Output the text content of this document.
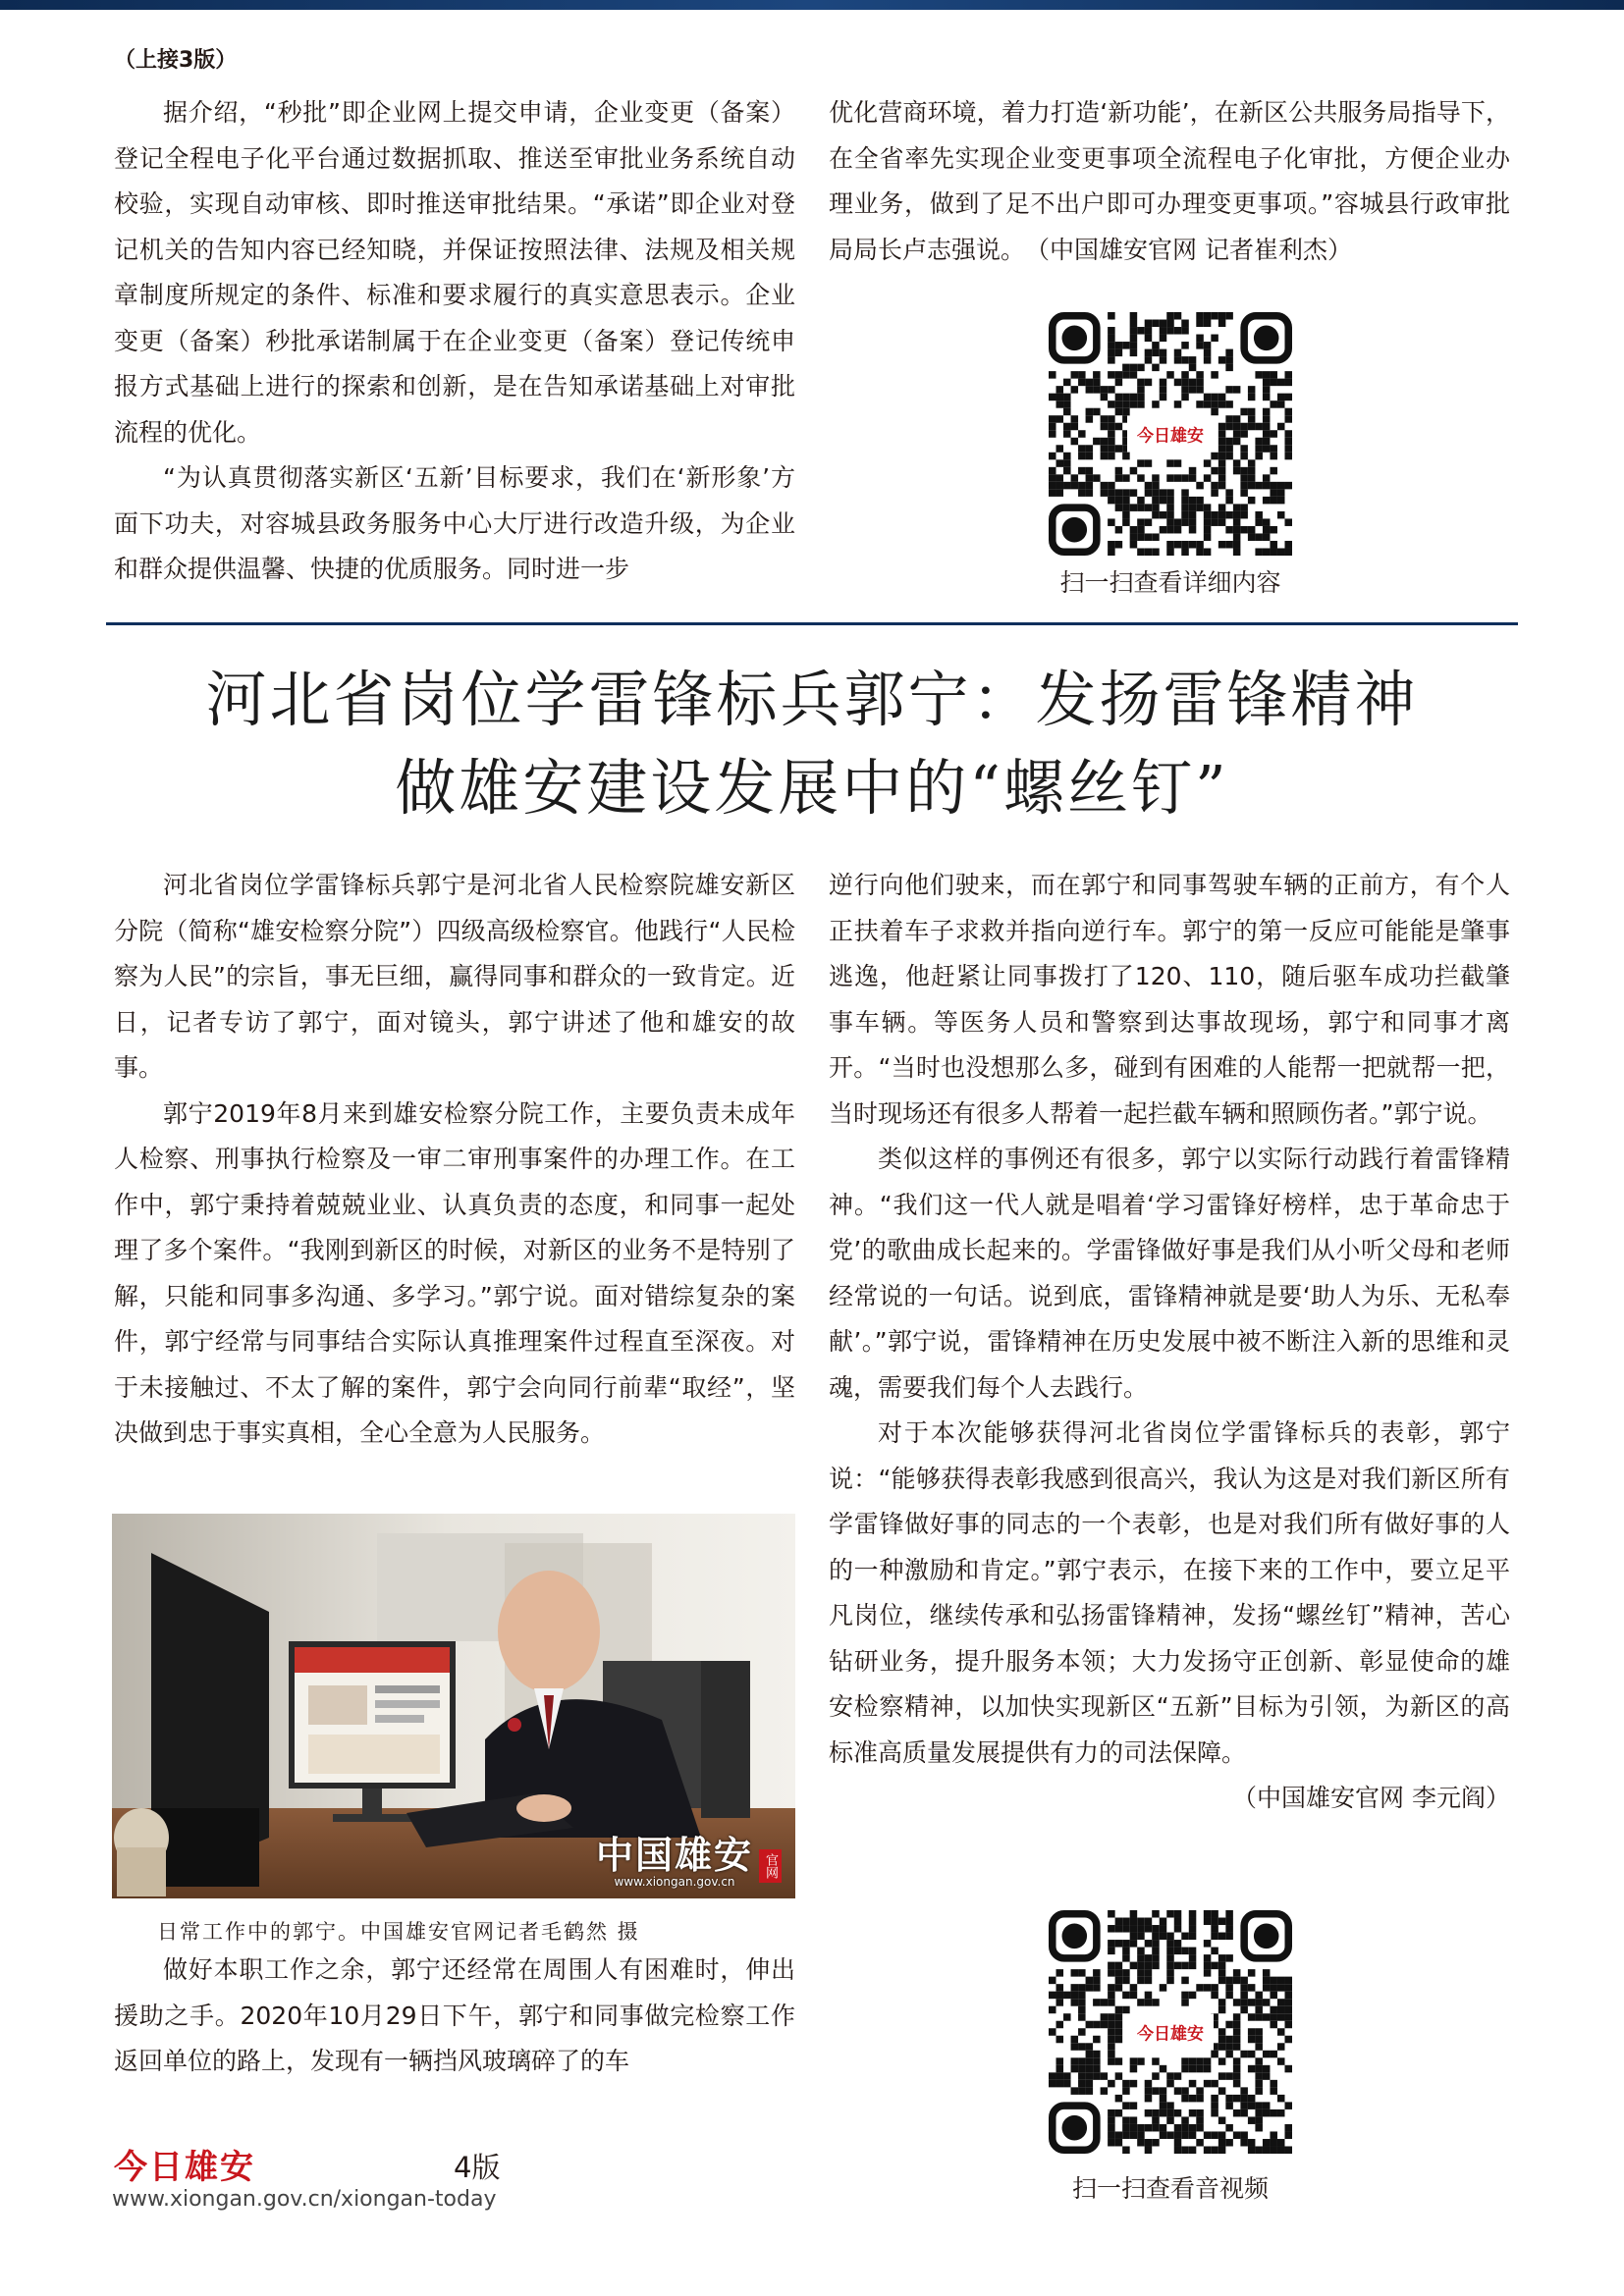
（上接3版）

据介绍，“秒批”即企业网上提交申请，企业变更（备案）登记全程电子化平台通过数据抓取、推送至审批业务系统自动校验，实现自动审核、即时推送审批结果。“承诺”即企业对登记机关的告知内容已经知晓，并保证按照法律、法规及相关规章制度所规定的条件、标准和要求履行的真实意思表示。企业变更（备案）秒批承诺制属于在企业变更（备案）登记传统申报方式基础上进行的探索和创新，是在告知承诺基础上对审批流程的优化。

“为认真贯彻落实新区‘五新’目标要求，我们在‘新形象’方面下功夫，对容城县政务服务中心大厅进行改造升级，为企业和群众提供温馨、快捷的优质服务。同时进一步

优化营商环境，着力打造‘新功能’，在新区公共服务局指导下，在全省率先实现企业变更事项全流程电子化审批，方便企业办理业务，做到了足不出户即可办理变更事项。”容城县行政审批局局长卢志强说。　（中国雄安官网 记者崔利杰）

今日雄安
扫一扫查看详细内容
河北省岗位学雷锋标兵郭宁：发扬雷锋精神
做雄安建设发展中的“螺丝钉”

河北省岗位学雷锋标兵郭宁是河北省人民检察院雄安新区分院（简称“雄安检察分院”）四级高级检察官。他践行“人民检察为人民”的宗旨，事无巨细，赢得同事和群众的一致肯定。近日，记者专访了郭宁，面对镜头，郭宁讲述了他和雄安的故事。

郭宁2019年8月来到雄安检察分院工作，主要负责未成年人检察、刑事执行检察及一审二审刑事案件的办理工作。在工作中，郭宁秉持着兢兢业业、认真负责的态度，和同事一起处理了多个案件。“我刚到新区的时候，对新区的业务不是特别了解，只能和同事多沟通、多学习。”郭宁说。面对错综复杂的案件，郭宁经常与同事结合实际认真推理案件过程直至深夜。对于未接触过、不太了解的案件，郭宁会向同行前辈“取经”，坚决做到忠于事实真相，全心全意为人民服务。

中国雄安
www.xiongan.gov.cn
官网
日常工作中的郭宁。中国雄安官网记者毛鹤然 摄

做好本职工作之余，郭宁还经常在周围人有困难时，伸出援助之手。2020年10月29日下午，郭宁和同事做完检察工作返回单位的路上，发现有一辆挡风玻璃碎了的车

逆行向他们驶来，而在郭宁和同事驾驶车辆的正前方，有个人正扶着车子求救并指向逆行车。郭宁的第一反应可能能是肇事逃逸，他赶紧让同事拨打了120、110，随后驱车成功拦截肇事车辆。等医务人员和警察到达事故现场，郭宁和同事才离开。“当时也没想那么多，碰到有困难的人能帮一把就帮一把，当时现场还有很多人帮着一起拦截车辆和照顾伤者。”郭宁说。

类似这样的事例还有很多，郭宁以实际行动践行着雷锋精神。“我们这一代人就是唱着‘学习雷锋好榜样，忠于革命忠于党’的歌曲成长起来的。学雷锋做好事是我们从小听父母和老师经常说的一句话。说到底，雷锋精神就是要‘助人为乐、无私奉献’。”郭宁说，雷锋精神在历史发展中被不断注入新的思维和灵魂，需要我们每个人去践行。

对于本次能够获得河北省岗位学雷锋标兵的表彰，郭宁说：“能够获得表彰我感到很高兴，我认为这是对我们新区所有学雷锋做好事的同志的一个表彰，也是对我们所有做好事的人的一种激励和肯定。”郭宁表示，在接下来的工作中，要立足平凡岗位，继续传承和弘扬雷锋精神，发扬“螺丝钉”精神，苦心钻研业务，提升服务本领；大力发扬守正创新、彰显使命的雄安检察精神，以加快实现新区“五新”目标为引领，为新区的高标准高质量发展提供有力的司法保障。

（中国雄安官网 李元阎）

今日雄安
扫一扫查看音视频
今日雄安	4版
www.xiongan.gov.cn/xiongan-today
